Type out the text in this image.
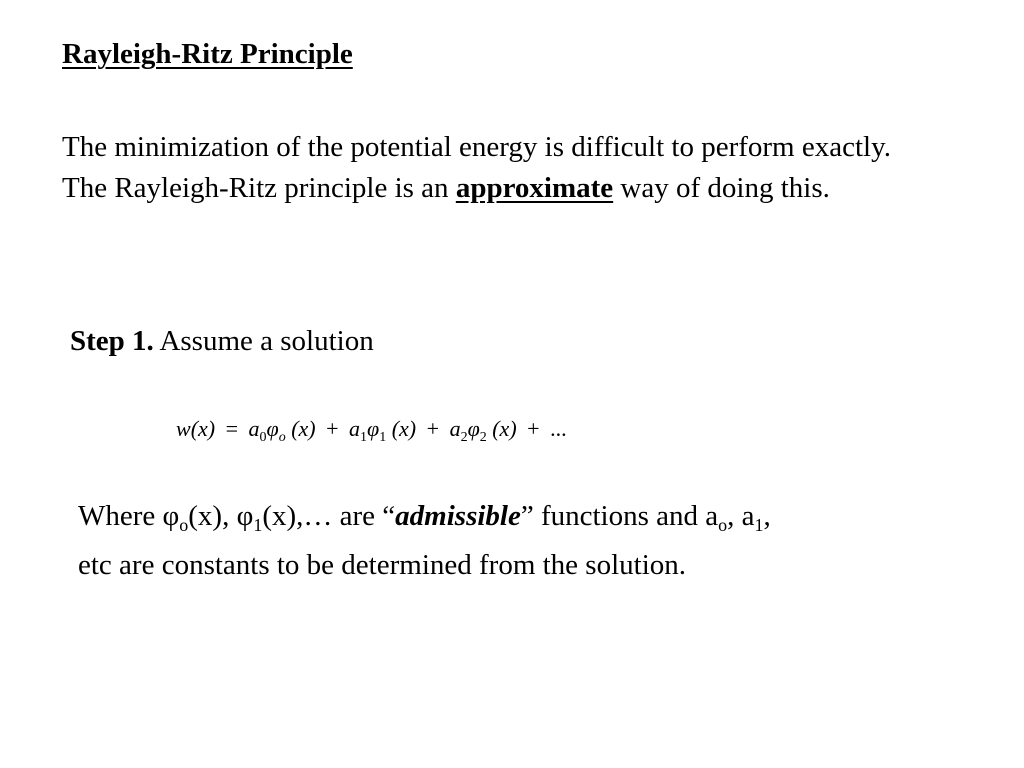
Rayleigh-Ritz Principle

The minimization of the potential energy is difficult to perform exactly.

The Rayleigh-Ritz principle is an approximate way of doing this.

Step 1. Assume a solution
$w(x) = a_0\varphi_o$ $(x) + a_1\varphi_1$ $(x) + a_2\varphi_2$ (x) + ...

Where $\varphi_o(x)$, $\varphi_1(x),\dots$ are “admissible” functions and $a_o$, $a_1$,

etc are constants to be determined from the solution.
